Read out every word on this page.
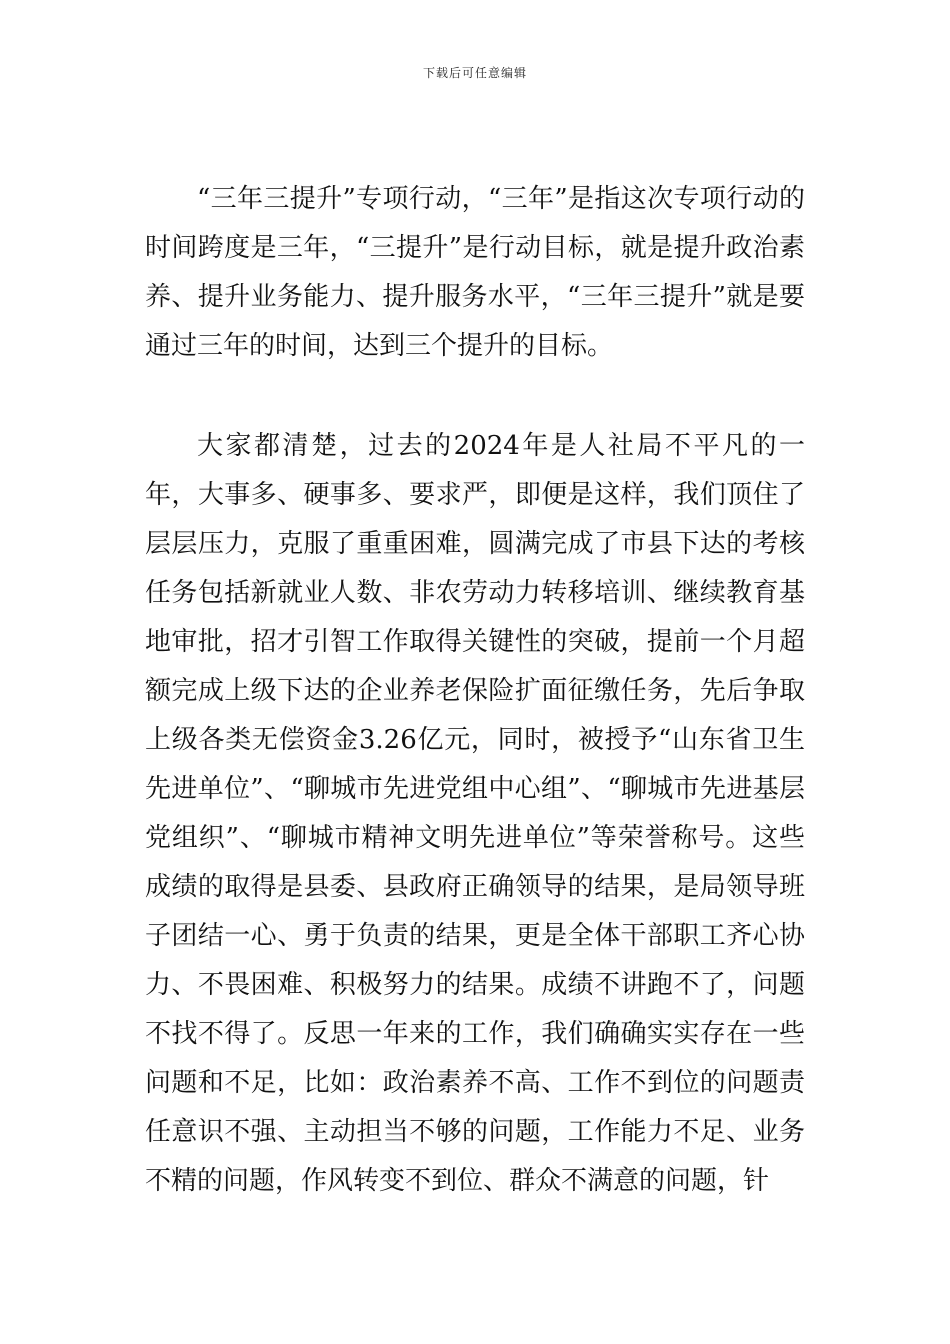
下载后可任意编辑

“三年三提升”专项行动，“三年”是指这次专项行动的时间跨度是三年，“三提升”是行动目标，就是提升政治素养、提升业务能力、提升服务水平，“三年三提升”就是要通过三年的时间，达到三个提升的目标。

大家都清楚，过去的2024年是人社局不平凡的一年，大事多、硬事多、要求严，即便是这样，我们顶住了层层压力，克服了重重困难，圆满完成了市县下达的考核任务包括新就业人数、非农劳动力转移培训、继续教育基地审批，招才引智工作取得关键性的突破，提前一个月超额完成上级下达的企业养老保险扩面征缴任务，先后争取上级各类无偿资金3.26亿元，同时，被授予“山东省卫生先进单位”、“聊城市先进党组中心组”、“聊城市先进基层党组织”、“聊城市精神文明先进单位”等荣誉称号。这些成绩的取得是县委、县政府正确领导的结果，是局领导班子团结一心、勇于负责的结果，更是全体干部职工齐心协力、不畏困难、积极努力的结果。成绩不讲跑不了，问题不找不得了。反思一年来的工作，我们确确实实存在一些问题和不足，比如：政治素养不高、工作不到位的问题责任意识不强、主动担当不够的问题，工作能力不足、业务不精的问题，作风转变不到位、群众不满意的问题，针
